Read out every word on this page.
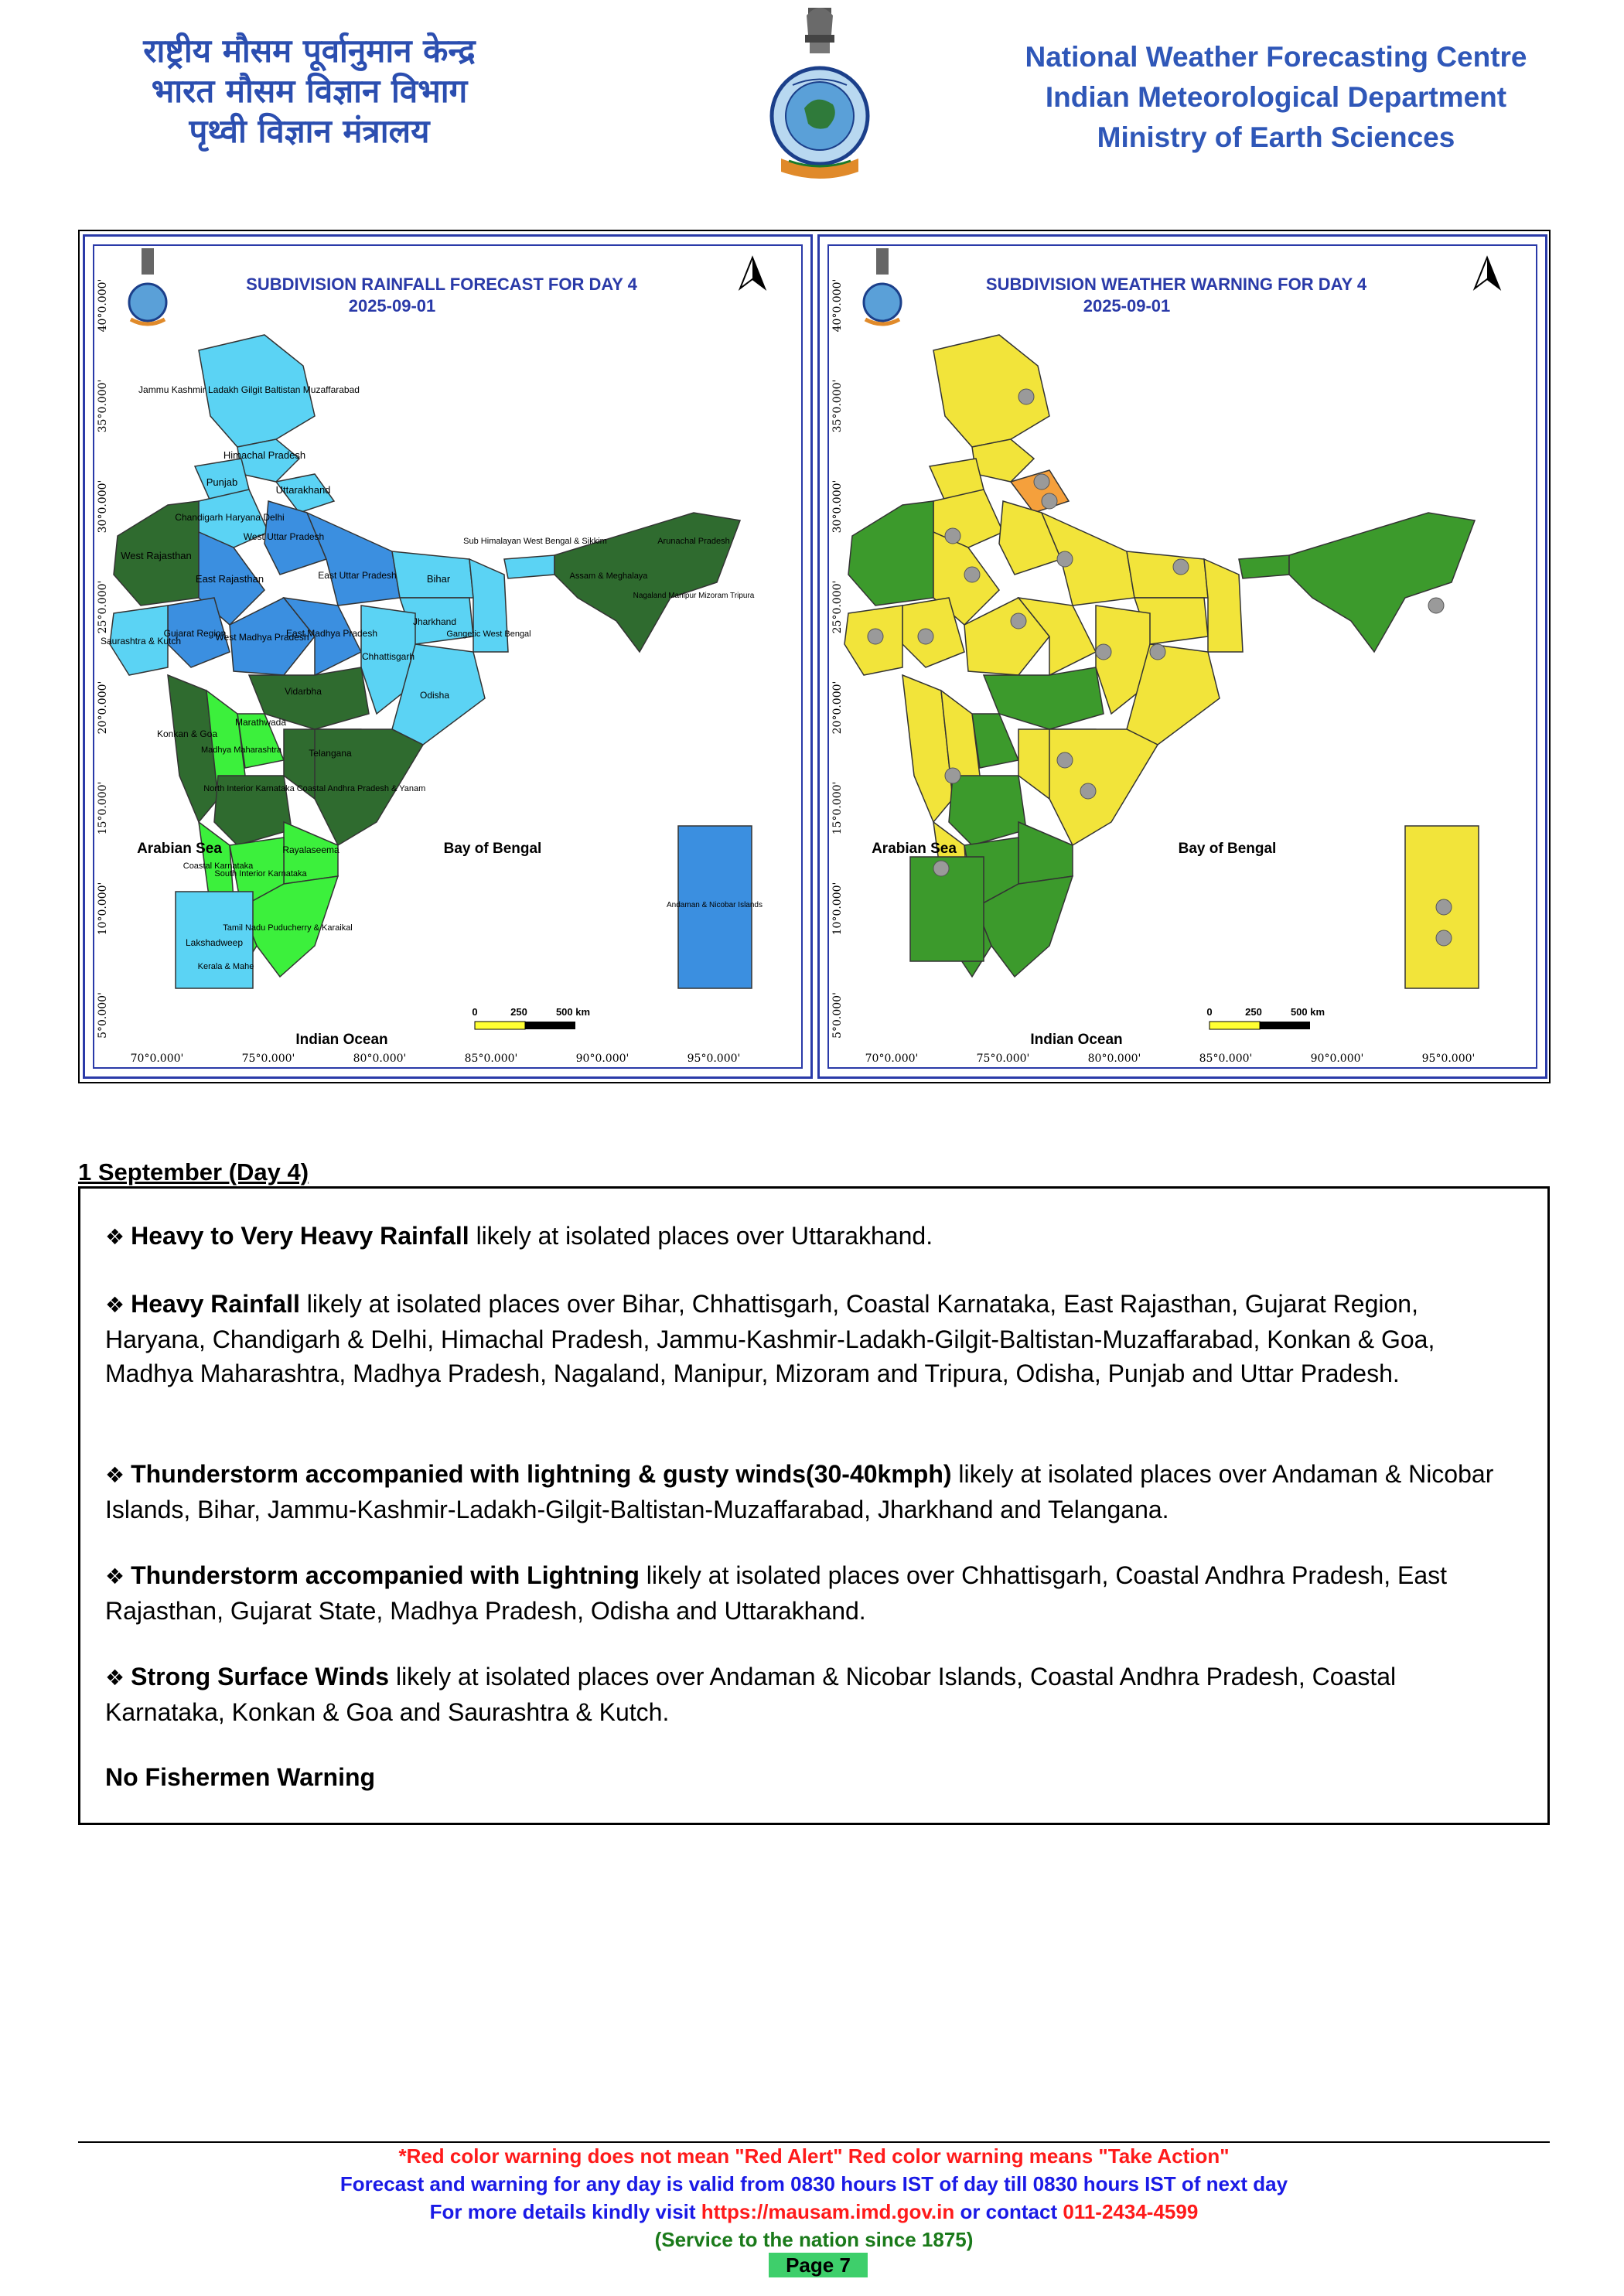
राष्ट्रीय मौसम पूर्वानुमान केन्द्र
भारत मौसम विज्ञान विभाग
पृथ्वी विज्ञान मंत्रालय
National Weather Forecasting Centre
Indian Meteorological Department
Ministry of Earth Sciences
SUBDIVISION RAINFALL FORECAST FOR DAY 4
2025-09-01
40°0.000'
35°0.000'
30°0.000'
25°0.000'
20°0.000'
15°0.000'
10°0.000'
5°0.000'
70°0.000'	75°0.000'	80°0.000'	85°0.000'	90°0.000'	95°0.000'
Jammu Kashmir Ladakh Gilgit Baltistan Muzaffarabad
Himachal Pradesh
Punjab
Uttarakhand
Chandigarh Haryana Delhi
West Uttar Pradesh
West Rajasthan
East Rajasthan	East Uttar Pradesh	Bihar
Sub Himalayan West Bengal & Sikkim	Arunachal Pradesh
Assam & Meghalaya
Nagaland Manipur Mizoram Tripura
Gujarat Region
Saurashtra & Kutch	West Madhya Pradesh
East Madhya Pradesh
Jharkhand
Gangetic West Bengal
Chhattisgarh
Odisha
Vidarbha
Konkan & Goa
Marathwada
Madhya Maharashtra	Telangana
North Interior Karnataka Coastal Andhra Pradesh & Yanam
Rayalaseema
Coastal Karnataka
South Interior Karnataka
Tamil Nadu Puducherry & Karaikal
Kerala & Mahe
Lakshadweep
Andaman & Nicobar Islands
Arabian Sea	Bay of Bengal
Indian Ocean
0	250	500 km
SUBDIVISION WEATHER WARNING FOR DAY 4
2025-09-01
40°0.000'
35°0.000'
30°0.000'
25°0.000'
20°0.000'
15°0.000'
10°0.000'
5°0.000'
70°0.000'	75°0.000'	80°0.000'	85°0.000'	90°0.000'	95°0.000'
Arabian Sea	Bay of Bengal
Indian Ocean
0	250	500 km
1 September (Day 4)
❖ Heavy to Very Heavy Rainfall likely at isolated places over Uttarakhand.
❖ Heavy Rainfall likely at isolated places over Bihar, Chhattisgarh, Coastal Karnataka, East Rajasthan, Gujarat Region, Haryana, Chandigarh & Delhi, Himachal Pradesh, Jammu-Kashmir-Ladakh-Gilgit-Baltistan-Muzaffarabad, Konkan & Goa, Madhya Maharashtra, Madhya Pradesh, Nagaland, Manipur, Mizoram and Tripura, Odisha, Punjab and Uttar Pradesh.
❖ Thunderstorm accompanied with lightning & gusty winds(30-40kmph) likely at isolated places over Andaman & Nicobar Islands, Bihar, Jammu-Kashmir-Ladakh-Gilgit-Baltistan-Muzaffarabad, Jharkhand and Telangana.
❖ Thunderstorm accompanied with Lightning likely at isolated places over Chhattisgarh, Coastal Andhra Pradesh, East Rajasthan, Gujarat State, Madhya Pradesh, Odisha and Uttarakhand.
❖ Strong Surface Winds likely at isolated places over Andaman & Nicobar Islands, Coastal Andhra Pradesh, Coastal Karnataka, Konkan & Goa and Saurashtra & Kutch.
No Fishermen Warning
*Red color warning does not mean "Red Alert" Red color warning means "Take Action"
Forecast and warning for any day is valid from 0830 hours IST of day till 0830 hours IST of next day
For more details kindly visit https://mausam.imd.gov.in or contact 011-2434-4599
(Service to the nation since 1875)
Page 7
